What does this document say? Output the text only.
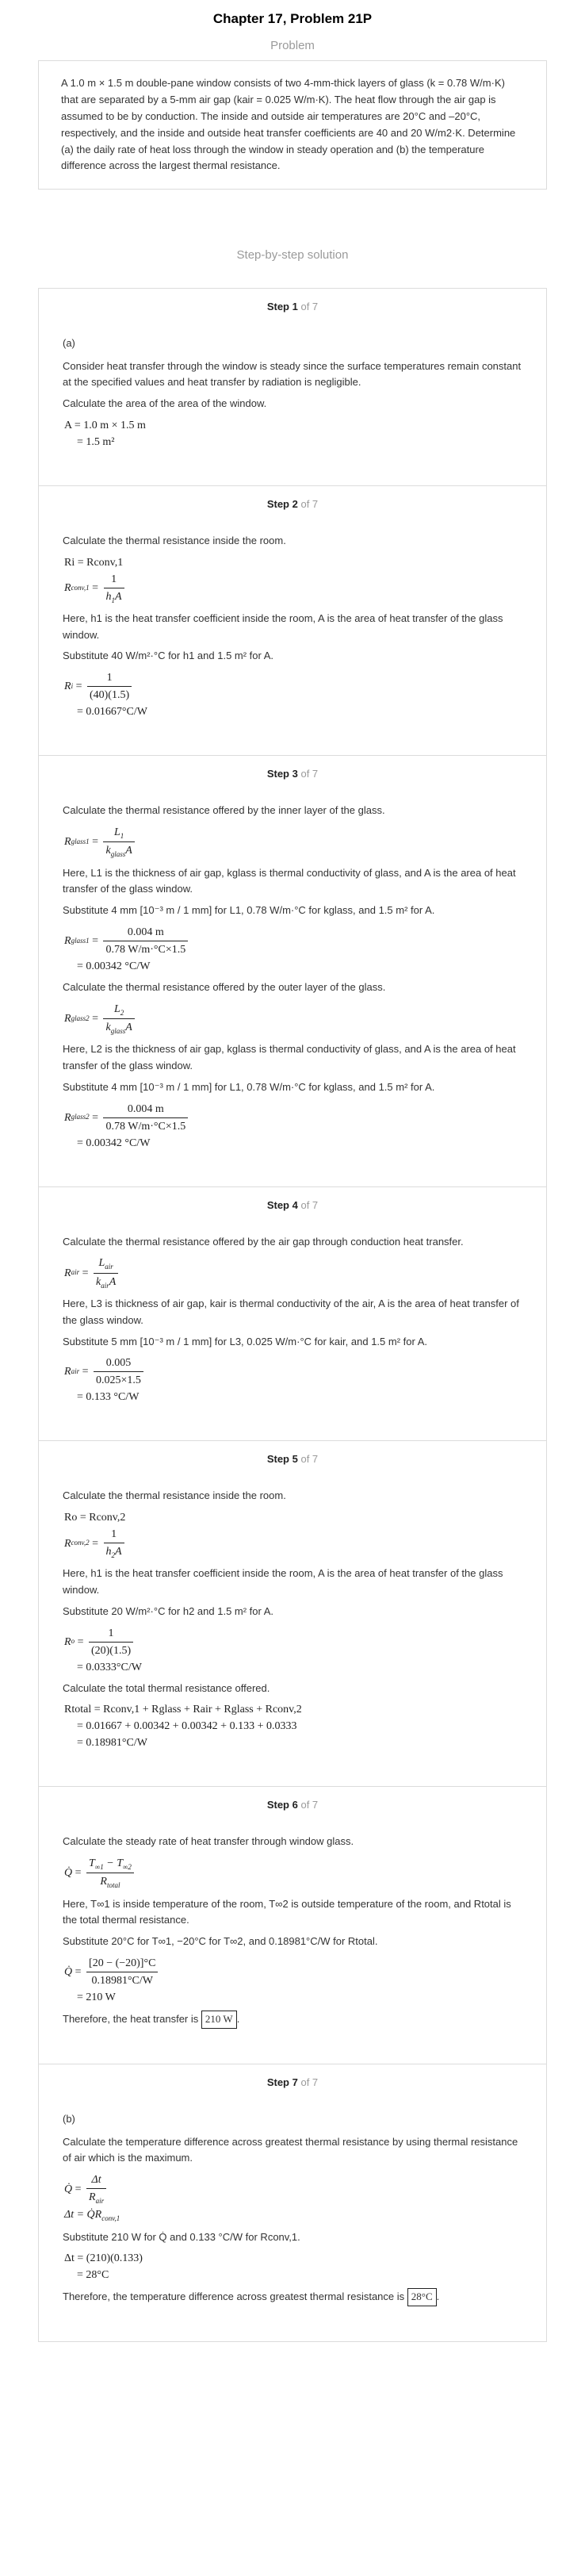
Chapter 17, Problem 21P
Problem

A 1.0 m × 1.5 m double-pane window consists of two 4-mm-thick layers of glass (k = 0.78 W/m·K) that are separated by a 5-mm air gap (kair = 0.025 W/m·K). The heat flow through the air gap is assumed to be by conduction. The inside and outside air temperatures are 20°C and –20°C, respectively, and the inside and outside heat transfer coefficients are 40 and 20 W/m2·K. Determine (a) the daily rate of heat loss through the window in steady operation and (b) the temperature difference across the largest thermal resistance.

Step-by-step solution
Step 1 of 7
(a)
Consider heat transfer through the window is steady since the surface temperatures remain constant at the specified values and heat transfer by radiation is negligible.
Calculate the area of the area of the window.
A = 1.0 m × 1.5 m
= 1.5 m²
Step 2 of 7
Calculate the thermal resistance inside the room.
Ri = Rconv,1
R conv,1 = $\frac{1}{h_1A}$
Here, h1 is the heat transfer coefficient inside the room, A is the area of heat transfer of the glass window.
Substitute 40 W/m²·°C for h1 and 1.5 m² for A.
R $i = \frac{1}{(40)(1.5)}$
= 0.01667°C/W
Step 3 of 7
Calculate the thermal resistance offered by the inner layer of the glass.
R glass1 = $\frac{L_1}{k_{glass}A}$
Here, L1 is the thickness of air gap, kglass is thermal conductivity of glass, and A is the area of heat transfer of the glass window.
Substitute 4 mm [10⁻³ m / 1 mm] for L1, 0.78 W/m·°C for kglass, and 1.5 m² for A.
R glass1 = $\frac{0.004 m}{0.78 W/m\cdot^\circ C\times 1.5}$
= 0.00342 °C/W
Calculate the thermal resistance offered by the outer layer of the glass.
R glass2 = $\frac{L_2}{k_{glass}A}$
Here, L2 is the thickness of air gap, kglass is thermal conductivity of glass, and A is the area of heat transfer of the glass window.
Substitute 4 mm [10⁻³ m / 1 mm] for L1, 0.78 W/m·°C for kglass, and 1.5 m² for A.
R glass2 = $\frac{0.004 m}{0.78 W/m\cdot^\circ C\times 1.5}$
= 0.00342 °C/W
Step 4 of 7
Calculate the thermal resistance offered by the air gap through conduction heat transfer.
R air = $\frac{L_{air}}{k_{air}A}$
Here, L3 is thickness of air gap, kair is thermal conductivity of the air, A is the area of heat transfer of the glass window.
Substitute 5 mm [10⁻³ m / 1 mm] for L3, 0.025 W/m·°C for kair, and 1.5 m² for A.
R air = $\frac{0.005}{0.025\times 1.5}$
= 0.133 °C/W
Step 5 of 7
Calculate the thermal resistance inside the room.
Ro = Rconv,2
R conv,2 = $\frac{1}{h_2A}$
Here, h1 is the heat transfer coefficient inside the room, A is the area of heat transfer of the glass window.
Substitute 20 W/m²·°C for h2 and 1.5 m² for A.
R $o = \frac{1}{(20)(1.5)}$
= 0.0333°C/W
Calculate the total thermal resistance offered.
Rtotal = Rconv,1 + Rglass + Rair + Rglass + Rconv,2
= 0.01667 + 0.00342 + 0.00342 + 0.133 + 0.0333
= 0.18981°C/W
Step 6 of 7
Calculate the steady rate of heat transfer through window glass.
Q̇ = $\frac{T_{\infty 1} - T_{\infty 2}}{R_{total}}$
Here, T∞1 is inside temperature of the room, T∞2 is outside temperature of the room, and Rtotal is the total thermal resistance.
Substitute 20°C for T∞1, −20°C for T∞2, and 0.18981°C/W for Rtotal.
Q̇ = $\frac{[20 - (-20)]^\circ C}{0.18981^\circ C/W}$
= 210 W
Therefore, the heat transfer is 210 W .
Step 7 of 7
(b)
Calculate the temperature difference across greatest thermal resistance by using thermal resistance of air which is the maximum.
Q̇ = $\frac{\Delta t}{R_{air}}$
$\Delta t = Q̇R_{conv,1}$
Substitute 210 W for Q̇ and 0.133 °C/W for Rconv,1.
Δt = (210)(0.133)
= 28°C
Therefore, the temperature difference across greatest thermal resistance is 28°C .
